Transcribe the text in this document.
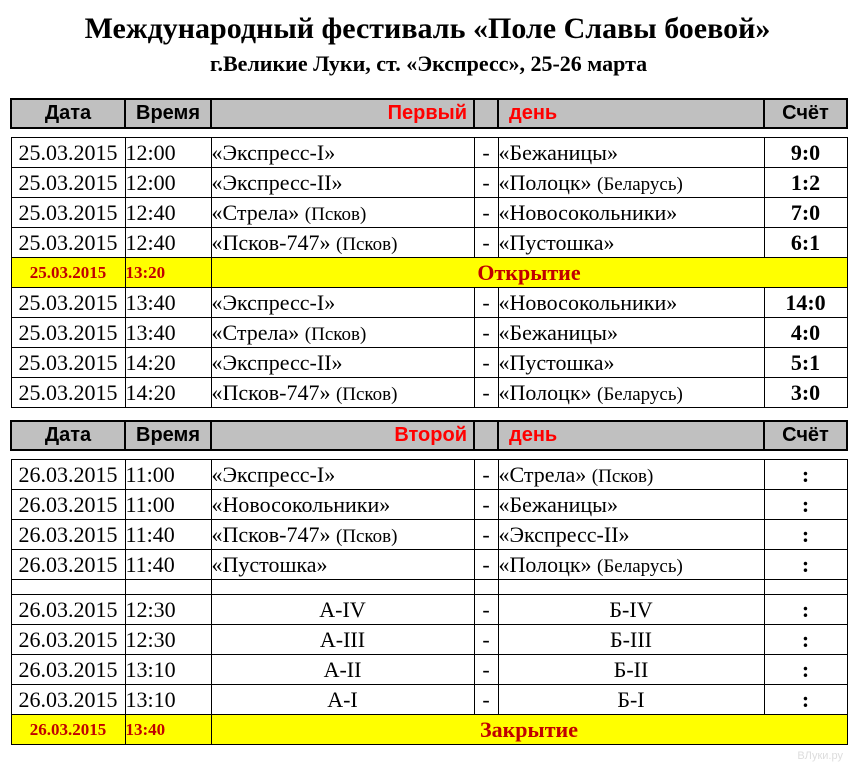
Международный фестиваль «Поле Славы боевой»
г.Великие Луки, ст. «Экспресс», 25-26 марта
Дата	Время	Первый		день	Счёт

25.03.2015	12:00	«Экспресс-I»	-	«Бежаницы»	9:0
25.03.2015	12:00	«Экспресс-II»	-	«Полоцк» (Беларусь)	1:2
25.03.2015	12:40	«Стрела» (Псков)	-	«Новосокольники»	7:0
25.03.2015	12:40	«Псков-747» (Псков)	-	«Пустошка»	6:1
25.03.2015	13:20	Открытие			
25.03.2015	13:40	«Экспресс-I»	-	«Новосокольники»	14:0
25.03.2015	13:40	«Стрела» (Псков)	-	«Бежаницы»	4:0
25.03.2015	14:20	«Экспресс-II»	-	«Пустошка»	5:1
25.03.2015	14:20	«Псков-747» (Псков)	-	«Полоцк» (Беларусь)	3:0
Дата	Время	Второй		день	Счёт

26.03.2015	11:00	«Экспресс-I»	-	«Стрела» (Псков)	:
26.03.2015	11:00	«Новосокольники»	-	«Бежаницы»	:
26.03.2015	11:40	«Псков-747» (Псков)	-	«Экспресс-II»	:
26.03.2015	11:40	«Пустошка»	-	«Полоцк» (Беларусь)	:

26.03.2015	12:30	А-IV	-	Б-IV	:
26.03.2015	12:30	А-III	-	Б-III	:
26.03.2015	13:10	А-II	-	Б-II	:
26.03.2015	13:10	А-I	-	Б-I	:
26.03.2015	13:40	Закрытие			
ВЛуки.ру
